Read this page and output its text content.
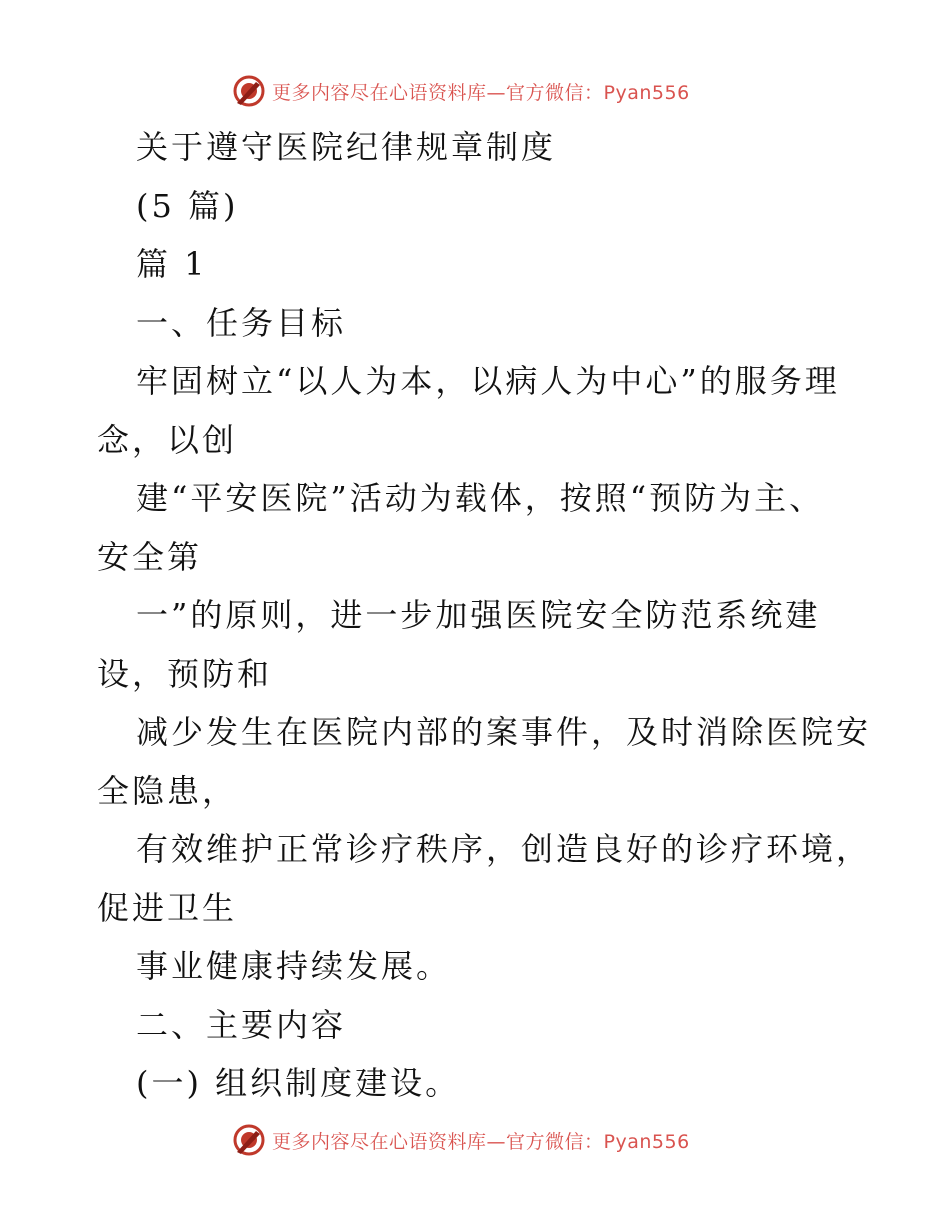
更多内容尽在心语资料库—官方微信：Pyan556
关于遵守医院纪律规章制度
(5 篇)
篇 1
一、任务目标
牢固树立“以人为本，以病人为中心”的服务理
念，以创
建“平安医院”活动为载体，按照“预防为主、
安全第
一”的原则，进一步加强医院安全防范系统建
设，预防和
减少发生在医院内部的案事件，及时消除医院安
全隐患，
有效维护正常诊疗秩序，创造良好的诊疗环境，
促进卫生
事业健康持续发展。
二、主要内容
(一) 组织制度建设。
更多内容尽在心语资料库—官方微信：Pyan556
